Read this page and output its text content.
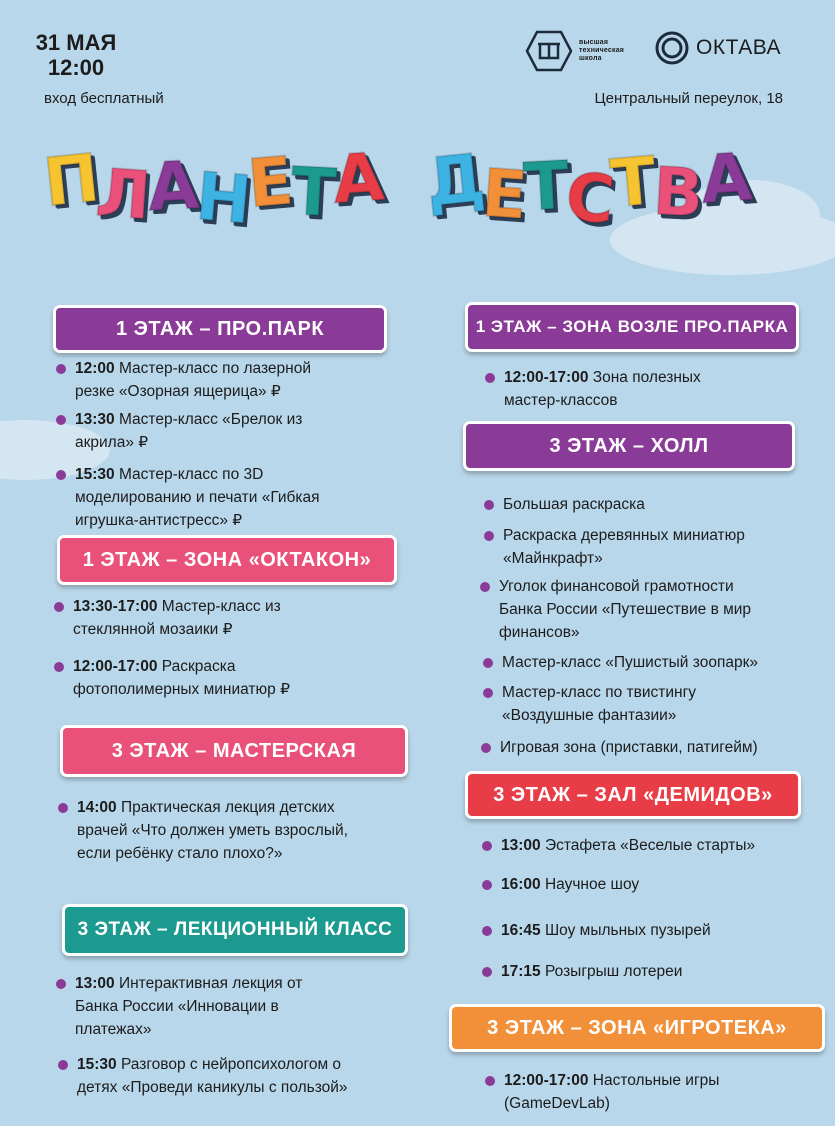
31 МАЯ
12:00
вход бесплатный	Центральный переулок, 18
высшая
техническая
школа	ОКТАВА
П
Л
А
Н
Е
Т
А Д
Е
Т
С
Т
В
А
1 ЭТАЖ – ПРО.ПАРК
12:00 Мастер-класс по лазерной
резке «Озорная ящерица» ₽
13:30 Мастер-класс «Брелок из
акрила» ₽
15:30 Мастер-класс по 3D
моделированию и печати «Гибкая
игрушка-антистресс» ₽
1 ЭТАЖ – ЗОНА «ОКТАКОН»
13:30-17:00 Мастер-класс из
стеклянной мозаики ₽
12:00-17:00 Раскраска
фотополимерных миниатюр ₽
3 ЭТАЖ – МАСТЕРСКАЯ
14:00 Практическая лекция детских
врачей «Что должен уметь взрослый,
если ребёнку стало плохо?»
3 ЭТАЖ – ЛЕКЦИОННЫЙ КЛАСС
13:00 Интерактивная лекция от
Банка России «Инновации в
платежах»
15:30 Разговор с нейропсихологом о
детях «Проведи каникулы с пользой»
1 ЭТАЖ – ЗОНА ВОЗЛЕ ПРО.ПАРКА
12:00-17:00 Зона полезных
мастер-классов
3 ЭТАЖ – ХОЛЛ
Большая раскраска
Раскраска деревянных миниатюр
«Майнкрафт»
Уголок финансовой грамотности
Банка России «Путешествие в мир
финансов»
Мастер-класс «Пушистый зоопарк»
Мастер-класс по твистингу
«Воздушные фантазии»
Игровая зона (приставки, патигейм)
3 ЭТАЖ – ЗАЛ «ДЕМИДОВ»
13:00 Эстафета «Веселые старты»
16:00 Научное шоу
16:45 Шоу мыльных пузырей
17:15 Розыгрыш лотереи
3 ЭТАЖ – ЗОНА «ИГРОТЕКА»
12:00-17:00 Настольные игры
(GameDevLab)
